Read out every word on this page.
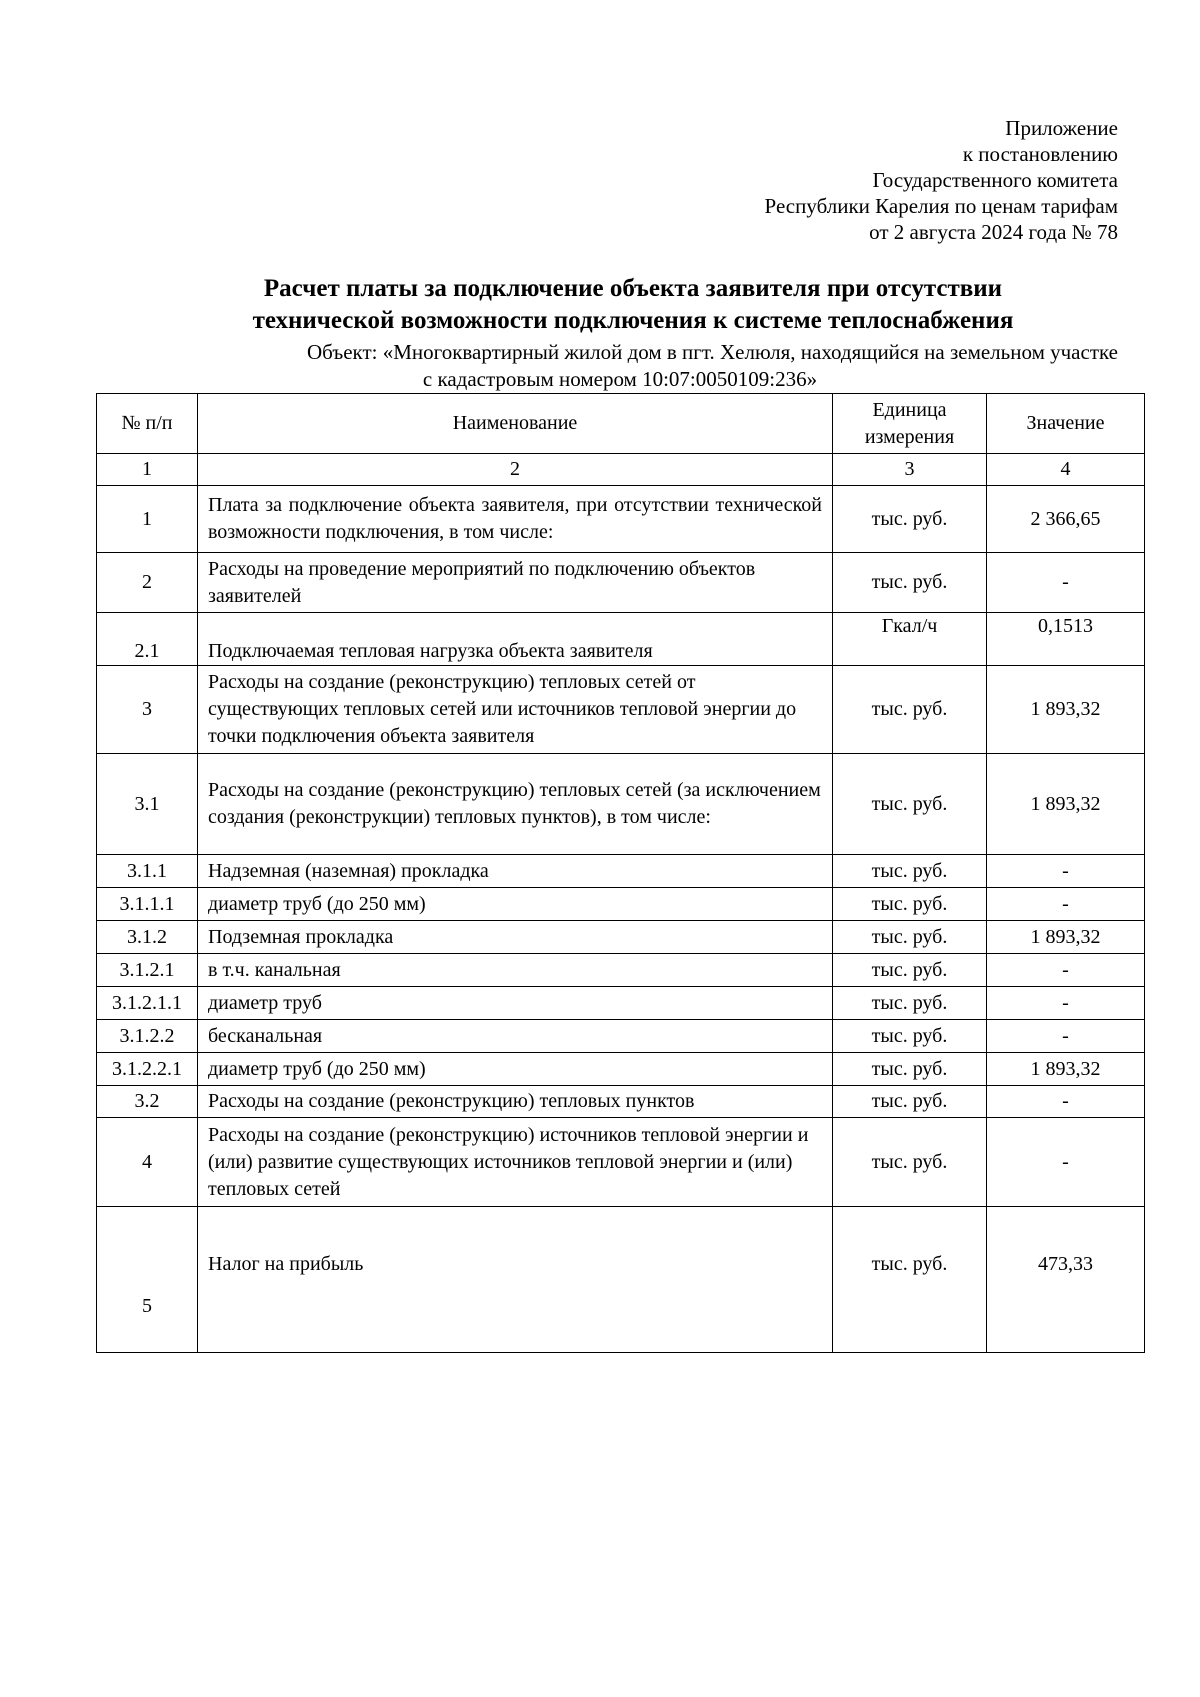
Приложение
к постановлению
Государственного комитета
Республики Карелия по ценам тарифам
от 2 августа 2024 года № 78
Расчет платы за подключение объекта заявителя при отсутствии
технической возможности подключения к системе теплоснабжения
Объект: «Многоквартирный жилой дом в пгт. Хелюля, находящийся на земельном участке
с кадастровым номером 10:07:0050109:236»
№ п/п	Наименование	Единица измерения	Значение
1	2	3	4
1	Плата за подключение объекта заявителя, при отсутствии технической возможности подключения, в том числе:	тыс. руб.	2 366,65
2	Расходы на проведение мероприятий по подключению объектов заявителей	тыс. руб.	-
2.1	Подключаемая тепловая нагрузка объекта заявителя	Гкал/ч	0,1513
3	Расходы на создание (реконструкцию) тепловых сетей от существующих тепловых сетей или источников тепловой энергии до точки подключения объекта заявителя	тыс. руб.	1 893,32
3.1	Расходы на создание (реконструкцию) тепловых сетей (за исключением создания (реконструкции) тепловых пунктов), в том числе:	тыс. руб.	1 893,32
3.1.1	Надземная (наземная) прокладка	тыс. руб.	-
3.1.1.1	диаметр труб (до 250 мм)	тыс. руб.	-
3.1.2	Подземная прокладка	тыс. руб.	1 893,32
3.1.2.1	в т.ч. канальная	тыс. руб.	-
3.1.2.1.1	диаметр труб	тыс. руб.	-
3.1.2.2	бесканальная	тыс. руб.	-
3.1.2.2.1	диаметр труб (до 250 мм)	тыс. руб.	1 893,32
3.2	Расходы на создание (реконструкцию) тепловых пунктов	тыс. руб.	-
4	Расходы на создание (реконструкцию) источников тепловой энергии и (или) развитие существующих источников тепловой энергии и (или) тепловых сетей	тыс. руб.	-
5	Налог на прибыль	тыс. руб.	473,33
